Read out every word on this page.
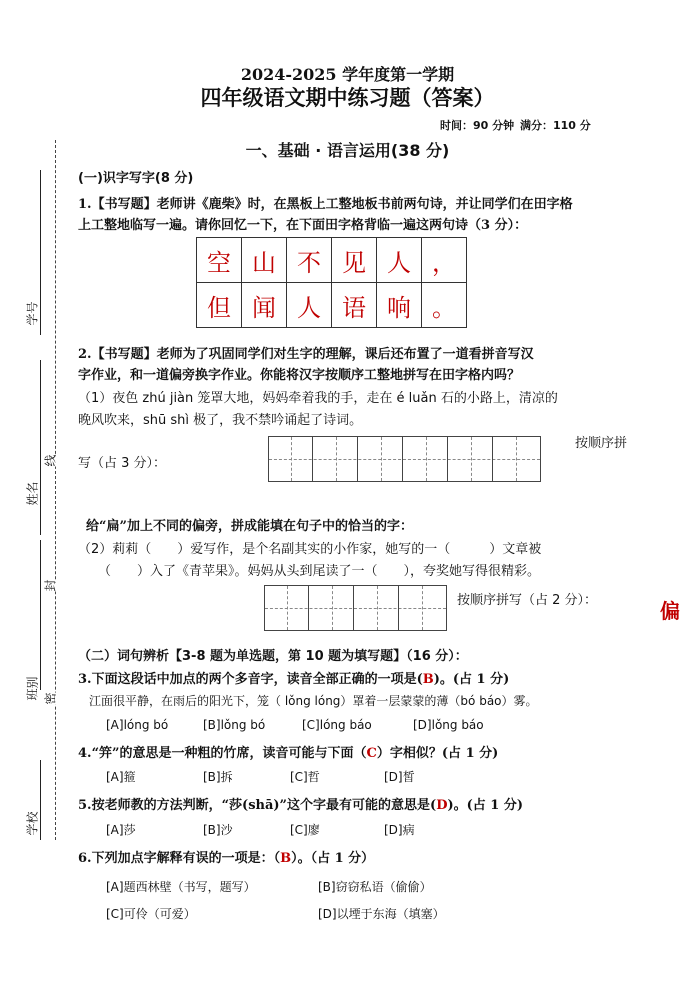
学号
姓名
班别
学校
线
封
密
2024-2025 学年度第一学期
四年级语文期中练习题（答案）
时间：90 分钟 满分：110 分
一、基础 · 语言运用(38 分)
(一)识字写字(8 分)
1.【书写题】老师讲《鹿柴》时，在黑板上工整地板书前两句诗，并让同学们在田字格
上工整地临写一遍。请你回忆一下，在下面田字格背临一遍这两句诗（3 分）：
空	山	不	见	人	，
但	闻	人	语	响	。
2.【书写题】老师为了巩固同学们对生字的理解，课后还布置了一道看拼音写汉
字作业，和一道偏旁换字作业。你能将汉字按顺序工整地拼写在田字格内吗？
（1）夜色 zhú jiàn 笼罩大地，妈妈牵着我的手，走在 é luǎn 石的小路上，清凉的
晚风吹来，shū shì 极了，我不禁吟诵起了诗词。
按顺序拼
写（占 3 分）：
给“扁”加上不同的偏旁，拼成能填在句子中的恰当的字：
（2）莉莉（　　）爱写作，是个名副其实的小作家，她写的一（　　　）文章被
（　　）入了《青苹果》。妈妈从头到尾读了一（　　），夸奖她写得很精彩。
按顺序拼写（占 2 分）：	偏
（二）词句辨析【3-8 题为单选题，第 10 题为填写题】（16 分）：
3.下面这段话中加点的两个多音字，读音全部正确的一项是(B)。(占 1 分)
江面很平静，在雨后的阳光下，笼（ lǒng lóng）罩着一层蒙蒙的薄（bó báo）雾。
[A]lóng bó	[B]lǒng bó	[C]lóng báo	[D]lǒng báo
4.“笄”的意思是一种粗的竹席，读音可能与下面（C）字相似？(占 1 分)
[A]箍	[B]拆	[C]哲	[D]皙
5.按老师教的方法判断，“莎(shā)”这个字最有可能的意思是(D)。(占 1 分)
[A]莎	[B]沙	[C]廖	[D]病
6.下列加点字解释有误的一项是：（B）。（占 1 分）
[A]题西林壁（书写，题写）	[B]窃窃私语（偷偷）
[C]可伶（可爱）	[D]以堙于东海（填塞）
